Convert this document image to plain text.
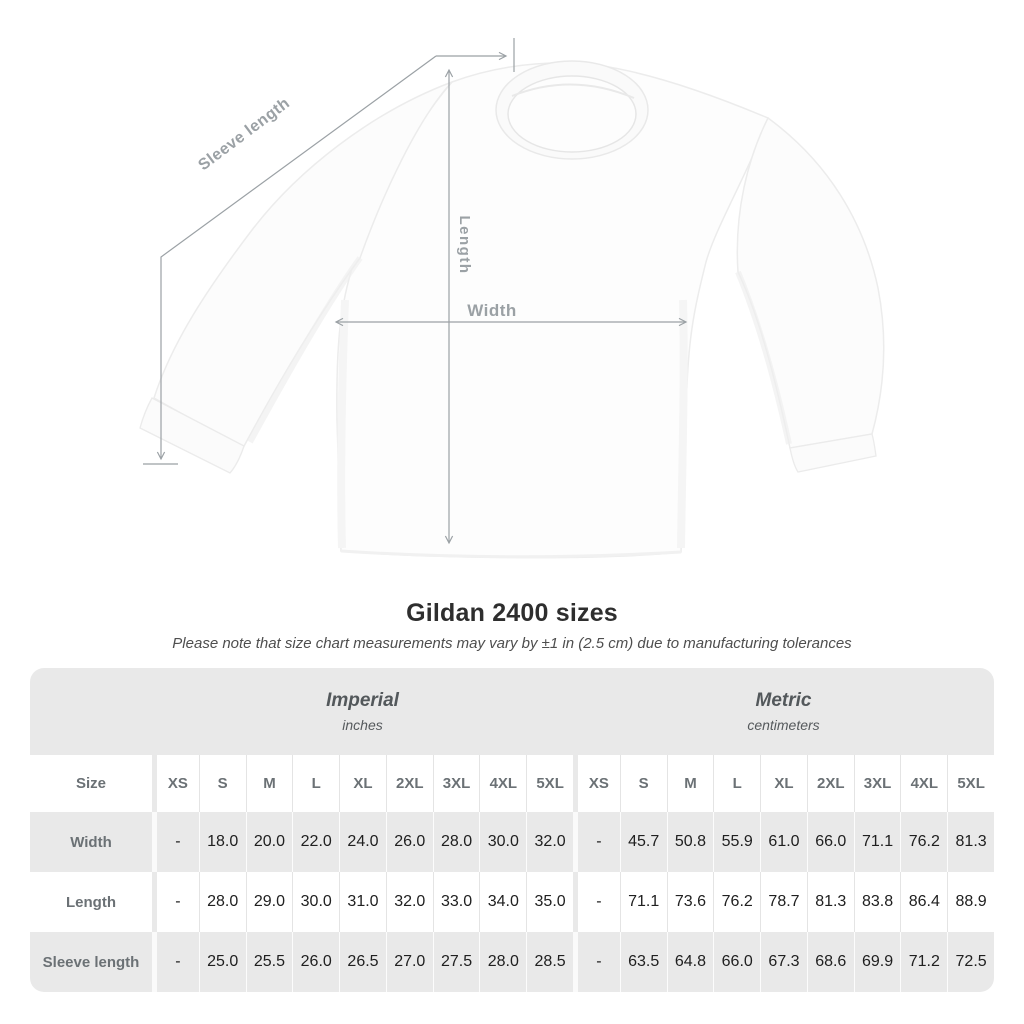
Sleeve length
Length
Width
Gildan 2400 sizes
Please note that size chart measurements may vary by ±1 in (2.5 cm) due to manufacturing tolerances
Imperial
inches
Metric
centimeters
Size	XS	S	M	L	XL	2XL	3XL	4XL	5XL	XS	S	M	L	XL	2XL	3XL	4XL	5XL
Width	-	18.0 20.0 22.0 24.0 26.0 28.0 30.0 32.0	-	45.7 50.8 55.9 61.0 66.0 71.1 76.2 81.3
Length	-	28.0 29.0 30.0 31.0 32.0 33.0 34.0 35.0	-	71.1 73.6 76.2 78.7 81.3 83.8 86.4 88.9
Sleeve length	-	25.0 25.5 26.0 26.5 27.0 27.5 28.0 28.5	-	63.5 64.8 66.0 67.3 68.6 69.9 71.2 72.5
